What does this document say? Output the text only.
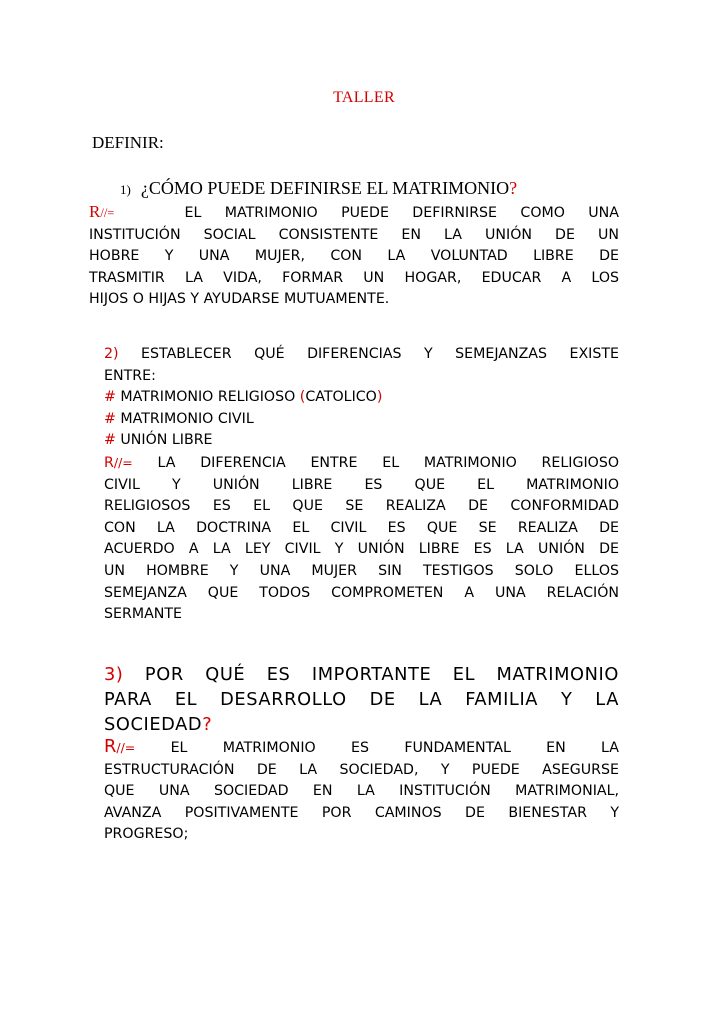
TALLER
DEFINIR:
1) ¿CÓMO PUEDE DEFINIRSE EL MATRIMONIO?
R//=	EL MATRIMONIO PUEDE DEFIRNIRSE COMO UNA
INSTITUCIÓN SOCIAL CONSISTENTE EN LA UNIÓN DE UN
HOBRE Y UNA MUJER, CON LA VOLUNTAD LIBRE DE
TRASMITIR LA VIDA, FORMAR UN HOGAR, EDUCAR A LOS
HIJOS O HIJAS Y AYUDARSE MUTUAMENTE.
2) ESTABLECER QUÉ DIFERENCIAS Y SEMEJANZAS EXISTE
ENTRE:
# MATRIMONIO RELIGIOSO (CATOLICO)
# MATRIMONIO CIVIL
# UNIÓN LIBRE
R//= LA DIFERENCIA ENTRE EL MATRIMONIO RELIGIOSO
CIVIL Y UNIÓN LIBRE ES QUE EL MATRIMONIO
RELIGIOSOS ES EL QUE SE REALIZA DE CONFORMIDAD
CON LA DOCTRINA EL CIVIL ES QUE SE REALIZA DE
ACUERDO A LA LEY CIVIL Y UNIÓN LIBRE ES LA UNIÓN DE
UN HOMBRE Y UNA MUJER SIN TESTIGOS SOLO ELLOS
SEMEJANZA QUE TODOS COMPROMETEN A UNA RELACIÓN
SERMANTE
3) POR QUÉ ES IMPORTANTE EL MATRIMONIO
PARA EL DESARROLLO DE LA FAMILIA Y LA
SOCIEDAD?
R//= EL MATRIMONIO ES FUNDAMENTAL EN LA
ESTRUCTURACIÓN DE LA SOCIEDAD, Y PUEDE ASEGURSE
QUE UNA SOCIEDAD EN LA INSTITUCIÓN MATRIMONIAL,
AVANZA POSITIVAMENTE POR CAMINOS DE BIENESTAR Y
PROGRESO;
